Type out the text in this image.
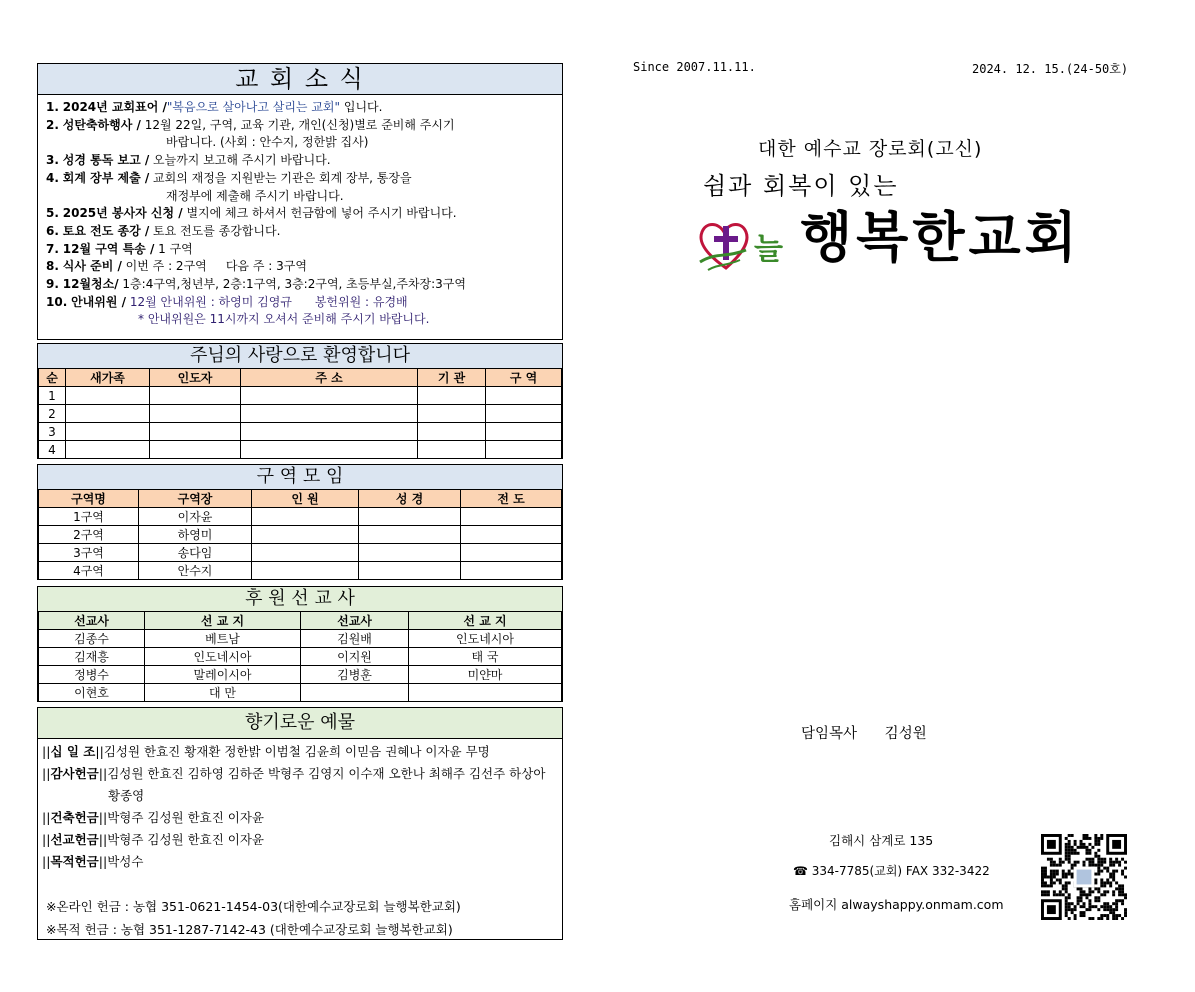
교 회 소 식
1. 2024년 교회표어 /"복음으로 살아나고 살리는 교회" 입니다.
2. 성탄축하행사 / 12월 22일, 구역, 교육 기관, 개인(신청)별로 준비해 주시기
바랍니다. (사회 : 안수지, 정한밝 집사)
3. 성경 통독 보고 / 오늘까지 보고해 주시기 바랍니다.
4. 회계 장부 제출 / 교회의 재정을 지원받는 기관은 회계 장부, 통장을
재정부에 제출해 주시기 바랍니다.
5. 2025년 봉사자 신청 / 별지에 체크 하셔서 헌금함에 넣어 주시기 바랍니다.
6. 토요 전도 종강 / 토요 전도를 종강합니다.
7. 12월 구역 특송 / 1 구역
8. 식사 준비 / 이번 주 : 2구역     다음 주 : 3구역
9. 12월청소/ 1층:4구역,청년부, 2층:1구역, 3층:2구역, 초등부실,주차장:3구역
10. 안내위원 / 12월 안내위원 : 하영미 김영규      봉헌위원 : 유경배
* 안내위원은 11시까지 오셔서 준비해 주시기 바랍니다.
주님의 사랑으로 환영합니다
순	새가족	인도자	주 소	기 관	구 역
1					
2					
3					
4					
구 역 모 임
구역명	구역장	인 원	성 경	전 도
1구역	이자윤			
2구역	하영미			
3구역	송다임			
4구역	안수지			
후 원 선 교 사
선교사	선 교 지	선교사	선 교 지
김종수	베트남	김원배	인도네시아
김재흥	인도네시아	이지원	태 국
정병수	말레이시아	김병훈	미얀마
이현호	대 만		
향기로운 예물
||십 일 조||김성원 한효진 황재환 정한밝 이범철 김윤희 이믿음 권혜나 이자윤 무명
||감사헌금||김성원 한효진 김하영 김하준 박형주 김영지 이수재 오한나 최해주 김선주 하상아
황종영
||건축헌금||박형주 김성원 한효진 이자윤
||선교헌금||박형주 김성원 한효진 이자윤
||목적헌금||박성수
※온라인 헌금 : 농협 351-0621-1454-03(대한예수교장로회 늘행복한교회)
※목적 헌금 : 농협 351-1287-7142-43 (대한예수교장로회 늘행복한교회)
Since 2007.11.11.	2024. 12. 15.(24-50호)
대한 예수교 장로회(고신)
쉼과 회복이 있는
늘 행복한교회
담임목사      김성원
김해시 삼계로 135
☎ 334-7785(교회) FAX 332-3422
홈페이지 alwayshappy.onmam.com
